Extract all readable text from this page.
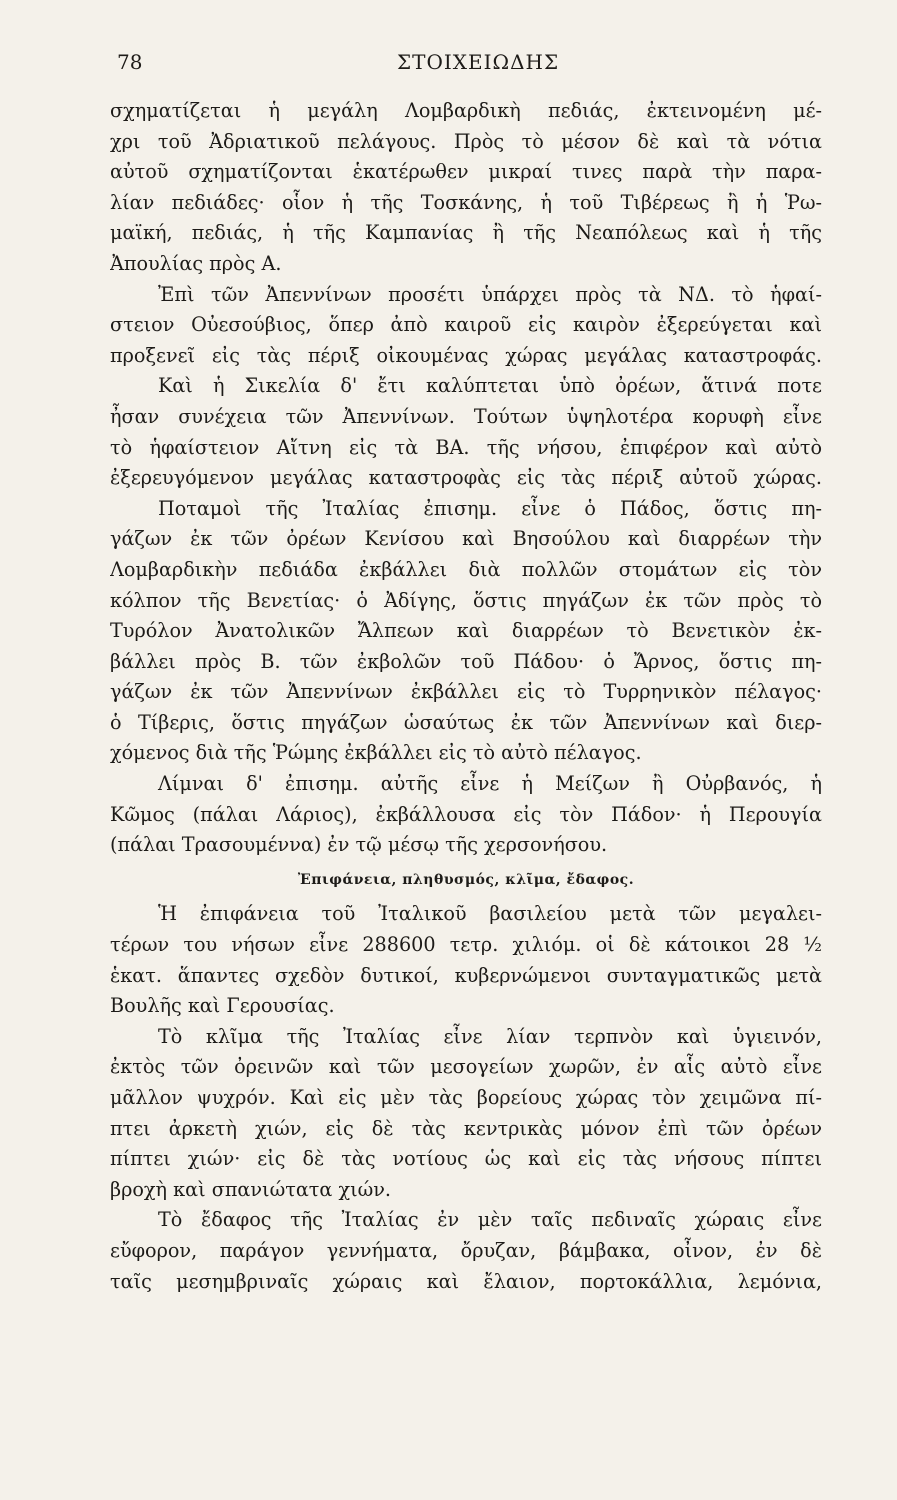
78	ΣΤΟΙΧΕΙΩΔΗΣ
σχηματίζεται ἡ μεγάλη Λομβαρδικὴ πεδιάς, ἐκτεινομένη μέ-
χρι τοῦ Ἀδριατικοῦ πελάγους. Πρὸς τὸ μέσον δὲ καὶ τὰ νότια
αὐτοῦ σχηματίζονται ἑκατέρωθεν μικραί τινες παρὰ τὴν παρα-
λίαν πεδιάδες· οἷον ἡ τῆς Τοσκάνης, ἡ τοῦ Τιβέρεως ἢ ἡ Ῥω-
μαϊκή, πεδιάς, ἡ τῆς Καμπανίας ἢ τῆς Νεαπόλεως καὶ ἡ τῆς
Ἀπουλίας πρὸς Α.
Ἐπὶ τῶν Ἀπεννίνων προσέτι ὑπάρχει πρὸς τὰ ΝΔ. τὸ ἡφαί-
στειον Οὐεσούβιος, ὅπερ ἀπὸ καιροῦ εἰς καιρὸν ἐξερεύγεται καὶ
προξενεῖ εἰς τὰς πέριξ οἰκουμένας χώρας μεγάλας καταστροφάς.
Καὶ ἡ Σικελία δ' ἔτι καλύπτεται ὑπὸ ὀρέων, ἅτινά ποτε
ἦσαν συνέχεια τῶν Ἀπεννίνων. Τούτων ὑψηλοτέρα κορυφὴ εἶνε
τὸ ἡφαίστειον Αἴτνη εἰς τὰ ΒΑ. τῆς νήσου, ἐπιφέρον καὶ αὐτὸ
ἐξερευγόμενον μεγάλας καταστροφὰς εἰς τὰς πέριξ αὐτοῦ χώρας.
Ποταμοὶ τῆς Ἰταλίας ἐπισημ. εἶνε ὁ Πάδος, ὅστις πη-
γάζων ἐκ τῶν ὀρέων Κενίσου καὶ Βησούλου καὶ διαρρέων τὴν
Λομβαρδικὴν πεδιάδα ἐκβάλλει διὰ πολλῶν στομάτων εἰς τὸν
κόλπον τῆς Βενετίας· ὁ Ἀδίγης, ὅστις πηγάζων ἐκ τῶν πρὸς τὸ
Τυρόλον Ἀνατολικῶν Ἄλπεων καὶ διαρρέων τὸ Βενετικὸν ἐκ-
βάλλει πρὸς Β. τῶν ἐκβολῶν τοῦ Πάδου· ὁ Ἄρνος, ὅστις πη-
γάζων ἐκ τῶν Ἀπεννίνων ἐκβάλλει εἰς τὸ Τυρρηνικὸν πέλαγος·
ὁ Τίβερις, ὅστις πηγάζων ὡσαύτως ἐκ τῶν Ἀπεννίνων καὶ διερ-
χόμενος διὰ τῆς Ῥώμης ἐκβάλλει εἰς τὸ αὐτὸ πέλαγος.
Λίμναι δ' ἐπισημ. αὐτῆς εἶνε ἡ Μείζων ἢ Οὐρβανός, ἡ
Κῶμος (πάλαι Λάριος), ἐκβάλλουσα εἰς τὸν Πάδον· ἡ Περουγία
(πάλαι Τρασουμέννα) ἐν τῷ μέσῳ τῆς χερσονήσου.
Ἐπιφάνεια, πληθυσμός, κλῖμα, ἔδαφος.
Ἡ ἐπιφάνεια τοῦ Ἰταλικοῦ βασιλείου μετὰ τῶν μεγαλει-
τέρων του νήσων εἶνε 288600 τετρ. χιλιόμ. οἱ δὲ κάτοικοι 28 ½
ἑκατ. ἅπαντες σχεδὸν δυτικοί, κυβερνώμενοι συνταγματικῶς μετὰ
Βουλῆς καὶ Γερουσίας.
Τὸ κλῖμα τῆς Ἰταλίας εἶνε λίαν τερπνὸν καὶ ὑγιεινόν,
ἐκτὸς τῶν ὀρεινῶν καὶ τῶν μεσογείων χωρῶν, ἐν αἷς αὐτὸ εἶνε
μᾶλλον ψυχρόν. Καὶ εἰς μὲν τὰς βορείους χώρας τὸν χειμῶνα πί-
πτει ἀρκετὴ χιών, εἰς δὲ τὰς κεντρικὰς μόνον ἐπὶ τῶν ὀρέων
πίπτει χιών· εἰς δὲ τὰς νοτίους ὡς καὶ εἰς τὰς νήσους πίπτει
βροχὴ καὶ σπανιώτατα χιών.
Τὸ ἔδαφος τῆς Ἰταλίας ἐν μὲν ταῖς πεδιναῖς χώραις εἶνε
εὔφορον, παράγον γεννήματα, ὄρυζαν, βάμβακα, οἶνον, ἐν δὲ
ταῖς μεσημβριναῖς χώραις καὶ ἔλαιον, πορτοκάλλια, λεμόνια,
